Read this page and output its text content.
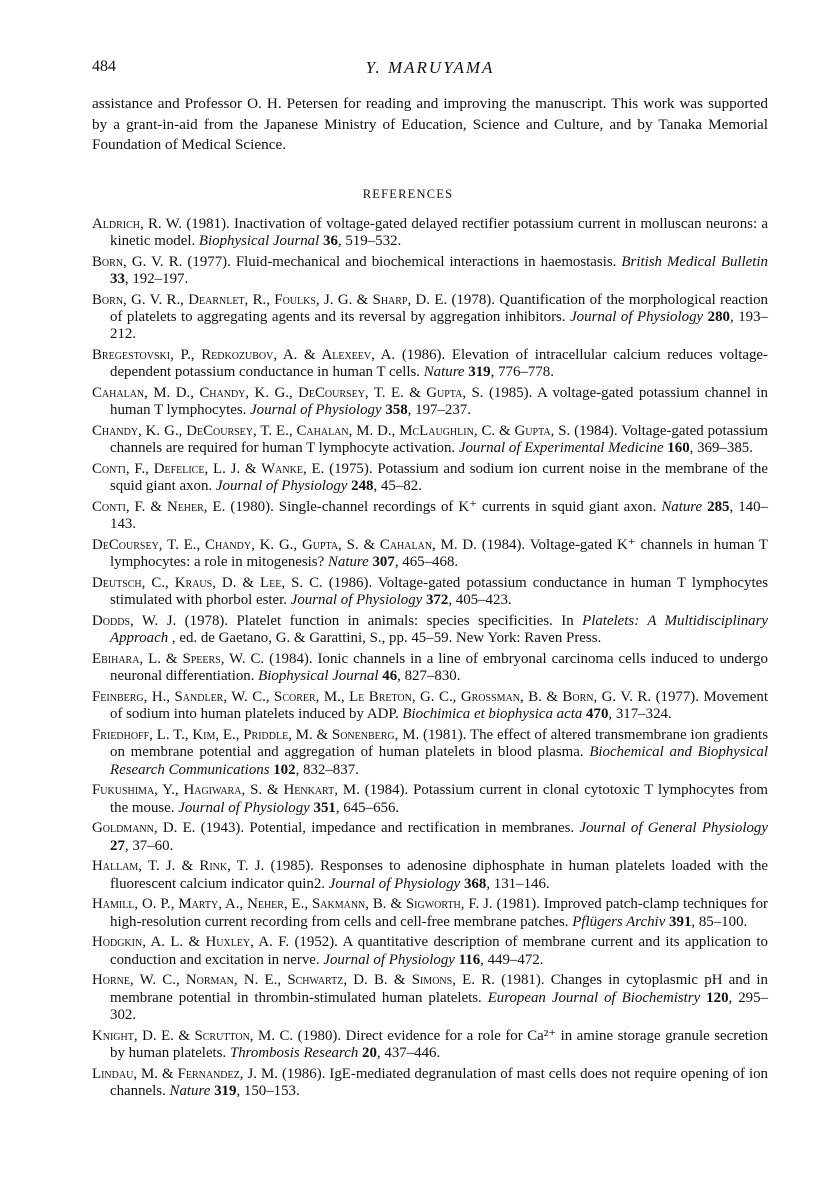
484	Y. MARUYAMA

assistance and Professor O. H. Petersen for reading and improving the manuscript. This work was supported by a grant-in-aid from the Japanese Ministry of Education, Science and Culture, and by Tanaka Memorial Foundation of Medical Science.

REFERENCES
Aldrich, R. W. (1981). Inactivation of voltage-gated delayed rectifier potassium current in molluscan neurons: a kinetic model. Biophysical Journal 36, 519–532.
Born, G. V. R. (1977). Fluid-mechanical and biochemical interactions in haemostasis. British Medical Bulletin 33, 192–197.
Born, G. V. R., Dearnlet, R., Foulks, J. G. & Sharp, D. E. (1978). Quantification of the morphological reaction of platelets to aggregating agents and its reversal by aggregation inhibitors. Journal of Physiology 280, 193–212.
Bregestovski, P., Redkozubov, A. & Alexeev, A. (1986). Elevation of intracellular calcium reduces voltage-dependent potassium conductance in human T cells. Nature 319, 776–778.
Cahalan, M. D., Chandy, K. G., DeCoursey, T. E. & Gupta, S. (1985). A voltage-gated potassium channel in human T lymphocytes. Journal of Physiology 358, 197–237.
Chandy, K. G., DeCoursey, T. E., Cahalan, M. D., McLaughlin, C. & Gupta, S. (1984). Voltage-gated potassium channels are required for human T lymphocyte activation. Journal of Experimental Medicine 160, 369–385.
Conti, F., Defelice, L. J. & Wanke, E. (1975). Potassium and sodium ion current noise in the membrane of the squid giant axon. Journal of Physiology 248, 45–82.
Conti, F. & Neher, E. (1980). Single-channel recordings of K⁺ currents in squid giant axon. Nature 285, 140–143.
DeCoursey, T. E., Chandy, K. G., Gupta, S. & Cahalan, M. D. (1984). Voltage-gated K⁺ channels in human T lymphocytes: a role in mitogenesis? Nature 307, 465–468.
Deutsch, C., Kraus, D. & Lee, S. C. (1986). Voltage-gated potassium conductance in human T lymphocytes stimulated with phorbol ester. Journal of Physiology 372, 405–423.
Dodds, W. J. (1978). Platelet function in animals: species specificities. In Platelets: A Multidisciplinary Approach , ed. de Gaetano, G. & Garattini, S., pp. 45–59. New York: Raven Press.
Ebihara, L. & Speers, W. C. (1984). Ionic channels in a line of embryonal carcinoma cells induced to undergo neuronal differentiation. Biophysical Journal 46, 827–830.
Feinberg, H., Sandler, W. C., Scorer, M., Le Breton, G. C., Grossman, B. & Born, G. V. R. (1977). Movement of sodium into human platelets induced by ADP. Biochimica et biophysica acta 470, 317–324.
Friedhoff, L. T., Kim, E., Priddle, M. & Sonenberg, M. (1981). The effect of altered transmembrane ion gradients on membrane potential and aggregation of human platelets in blood plasma. Biochemical and Biophysical Research Communications 102, 832–837.
Fukushima, Y., Hagiwara, S. & Henkart, M. (1984). Potassium current in clonal cytotoxic T lymphocytes from the mouse. Journal of Physiology 351, 645–656.
Goldmann, D. E. (1943). Potential, impedance and rectification in membranes. Journal of General Physiology 27, 37–60.
Hallam, T. J. & Rink, T. J. (1985). Responses to adenosine diphosphate in human platelets loaded with the fluorescent calcium indicator quin2. Journal of Physiology 368, 131–146.
Hamill, O. P., Marty, A., Neher, E., Sakmann, B. & Sigworth, F. J. (1981). Improved patch-clamp techniques for high-resolution current recording from cells and cell-free membrane patches. Pflügers Archiv 391, 85–100.
Hodgkin, A. L. & Huxley, A. F. (1952). A quantitative description of membrane current and its application to conduction and excitation in nerve. Journal of Physiology 116, 449–472.
Horne, W. C., Norman, N. E., Schwartz, D. B. & Simons, E. R. (1981). Changes in cytoplasmic pH and in membrane potential in thrombin-stimulated human platelets. European Journal of Biochemistry 120, 295–302.
Knight, D. E. & Scrutton, M. C. (1980). Direct evidence for a role for Ca²⁺ in amine storage granule secretion by human platelets. Thrombosis Research 20, 437–446.
Lindau, M. & Fernandez, J. M. (1986). IgE-mediated degranulation of mast cells does not require opening of ion channels. Nature 319, 150–153.
